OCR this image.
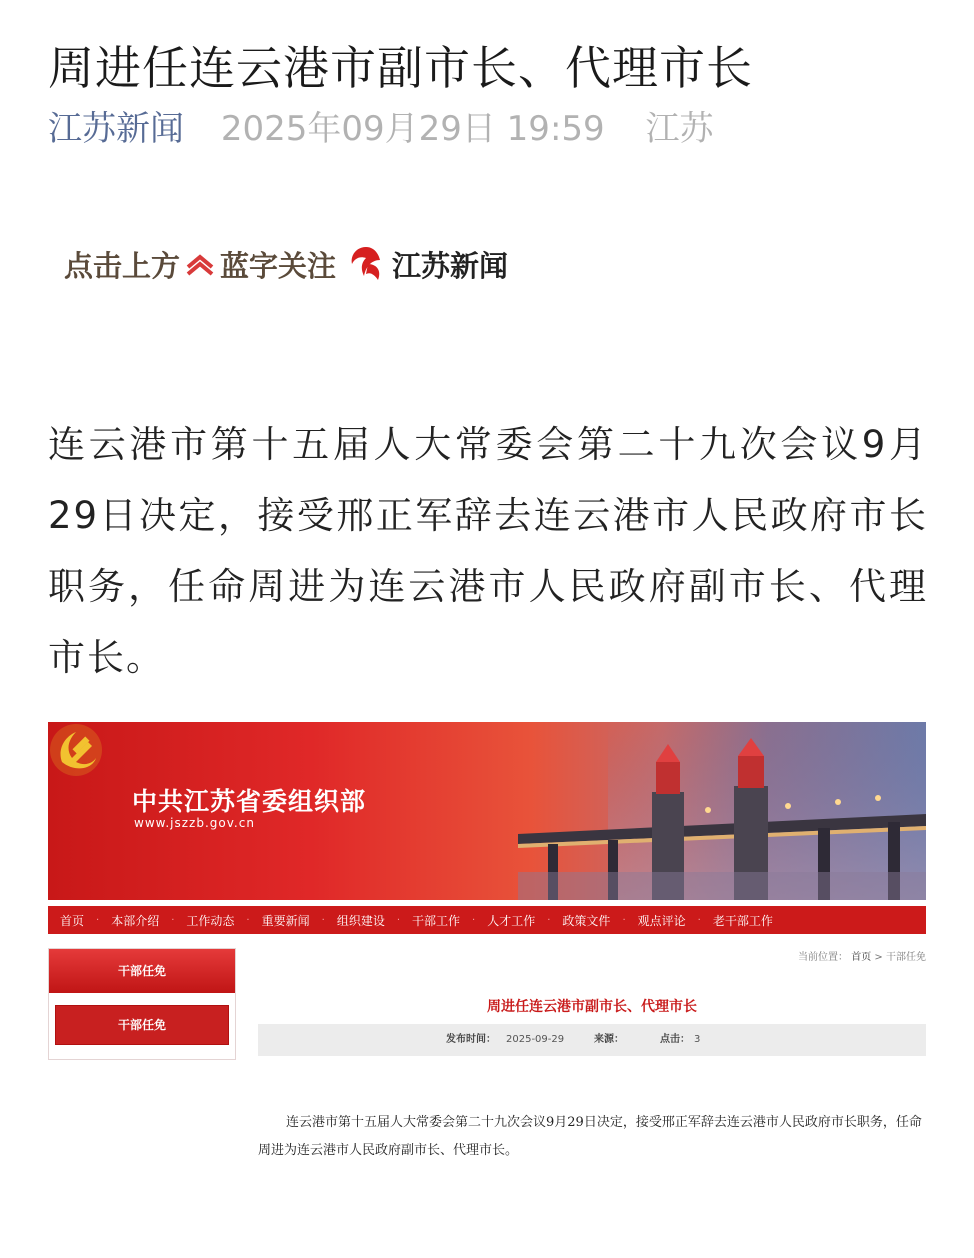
周进任连云港市副市长、代理市长
江苏新闻 2025年09月29日 19:59 江苏
点击上方 蓝字关注 江苏新闻

连云港市第十五届人大常委会第二十九次会议9月29日决定，接受邢正军辞去连云港市人民政府市长职务，任命周进为连云港市人民政府副市长、代理市长。

中共江苏省委组织部
www.jszzb.gov.cn
首页	·	本部介绍	·	工作动态	·	重要新闻	·	组织建设	·	干部工作	·	人才工作	·	政策文件	·	观点评论	·	老干部工作
干部任免
干部任免
当前位置： 首页 > 干部任免
周进任连云港市副市长、代理市长
发布时间： 2025-09-29	来源：	点击： 3

连云港市第十五届人大常委会第二十九次会议9月29日决定，接受邢正军辞去连云港市人民政府市长职务，任命周进为连云港市人民政府副市长、代理市长。
